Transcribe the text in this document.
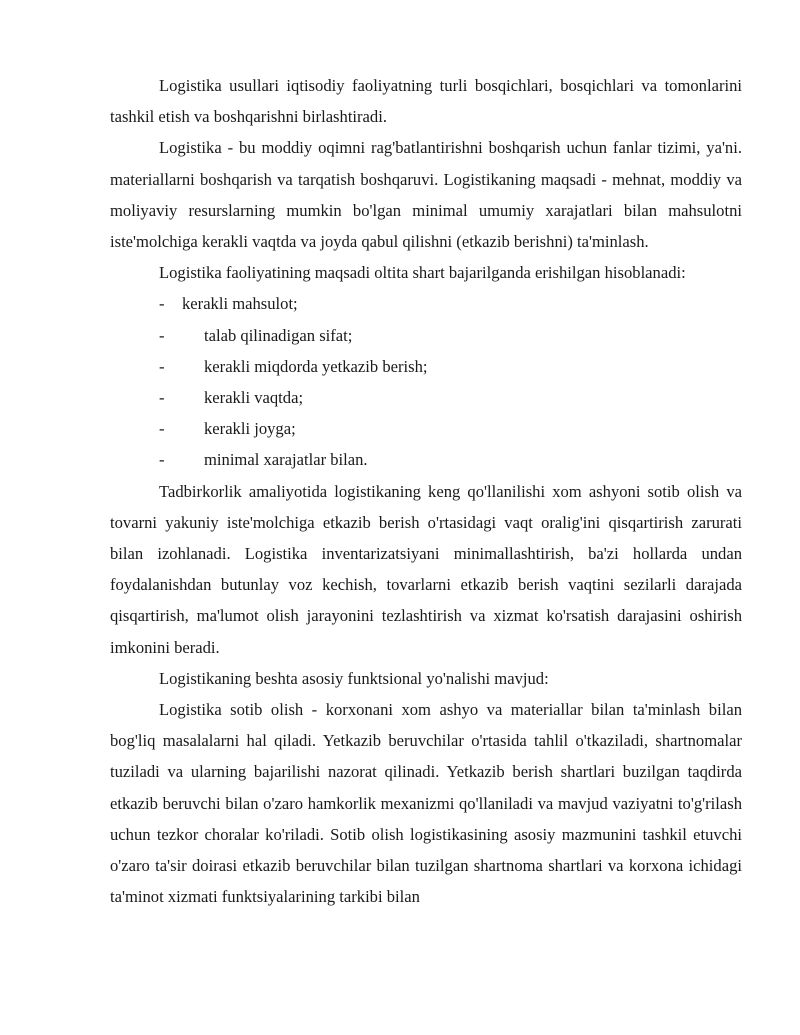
Logistika usullari iqtisodiy faoliyatning turli bosqichlari, bosqichlari va tomonlarini tashkil etish va boshqarishni birlashtiradi.

Logistika - bu moddiy oqimni rag'batlantirishni boshqarish uchun fanlar tizimi, ya'ni. materiallarni boshqarish va tarqatish boshqaruvi. Logistikaning maqsadi - mehnat, moddiy va moliyaviy resurslarning mumkin bo'lgan minimal umumiy xarajatlari bilan mahsulotni iste'molchiga kerakli vaqtda va joyda qabul qilishni (etkazib berishni) ta'minlash.

Logistika faoliyatining maqsadi oltita shart bajarilganda erishilgan hisoblanadi:

- kerakli mahsulot;
- talab qilinadigan sifat;
- kerakli miqdorda yetkazib berish;
- kerakli vaqtda;
- kerakli joyga;
- minimal xarajatlar bilan.

Tadbirkorlik amaliyotida logistikaning keng qo'llanilishi xom ashyoni sotib olish va tovarni yakuniy iste'molchiga etkazib berish o'rtasidagi vaqt oralig'ini qisqartirish zarurati bilan izohlanadi. Logistika inventarizatsiyani minimallashtirish, ba'zi hollarda undan foydalanishdan butunlay voz kechish, tovarlarni etkazib berish vaqtini sezilarli darajada qisqartirish, ma'lumot olish jarayonini tezlashtirish va xizmat ko'rsatish darajasini oshirish imkonini beradi.

Logistikaning beshta asosiy funktsional yo'nalishi mavjud:

Logistika sotib olish - korxonani xom ashyo va materiallar bilan ta'minlash bilan bog'liq masalalarni hal qiladi. Yetkazib beruvchilar o'rtasida tahlil o'tkaziladi, shartnomalar tuziladi va ularning bajarilishi nazorat qilinadi. Yetkazib berish shartlari buzilgan taqdirda etkazib beruvchi bilan o'zaro hamkorlik mexanizmi qo'llaniladi va mavjud vaziyatni to'g'rilash uchun tezkor choralar ko'riladi. Sotib olish logistikasining asosiy mazmunini tashkil etuvchi o'zaro ta'sir doirasi etkazib beruvchilar bilan tuzilgan shartnoma shartlari va korxona ichidagi ta'minot xizmati funktsiyalarining tarkibi bilan
